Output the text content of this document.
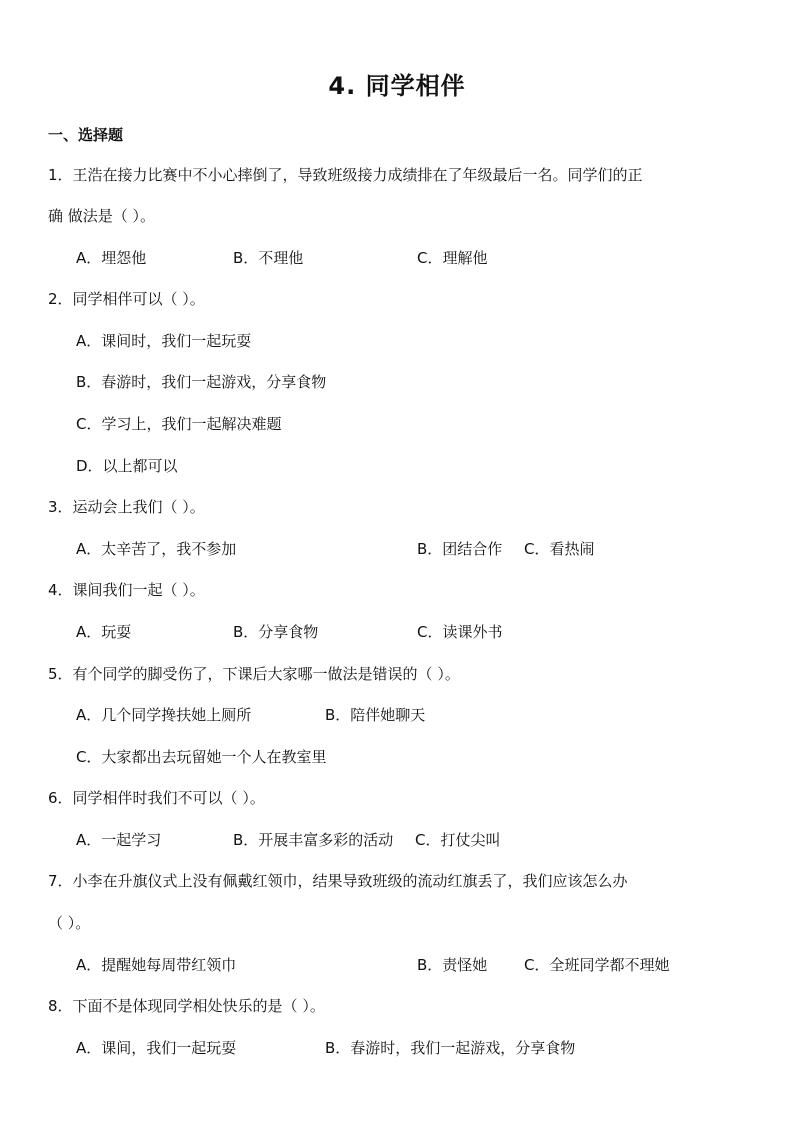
4. 同学相伴
一、选择题
1．王浩在接力比赛中不小心摔倒了，导致班级接力成绩排在了年级最后一名。同学们的正
确 做法是（ ）。
A．埋怨他	B．不理他	C．理解他
2．同学相伴可以（ ）。
A．课间时，我们一起玩耍
B．春游时，我们一起游戏，分享食物
C．学习上，我们一起解决难题
D．以上都可以
3．运动会上我们（ ）。
A．太辛苦了，我不参加	B．团结合作 C．看热闹
4．课间我们一起（ ）。
A．玩耍	B．分享食物	C．读课外书
5．有个同学的脚受伤了，下课后大家哪一做法是错误的（ ）。
A．几个同学搀扶她上厕所	B．陪伴她聊天
C．大家都出去玩留她一个人在教室里
6．同学相伴时我们不可以（ ）。
A．一起学习	B．开展丰富多彩的活动 C．打仗尖叫
7．小李在升旗仪式上没有佩戴红领巾，结果导致班级的流动红旗丢了，我们应该怎么办
（ ）。
A．提醒她每周带红领巾	B．责怪她 C．全班同学都不理她
8．下面不是体现同学相处快乐的是（ ）。
A．课间，我们一起玩耍	B．春游时，我们一起游戏，分享食物
